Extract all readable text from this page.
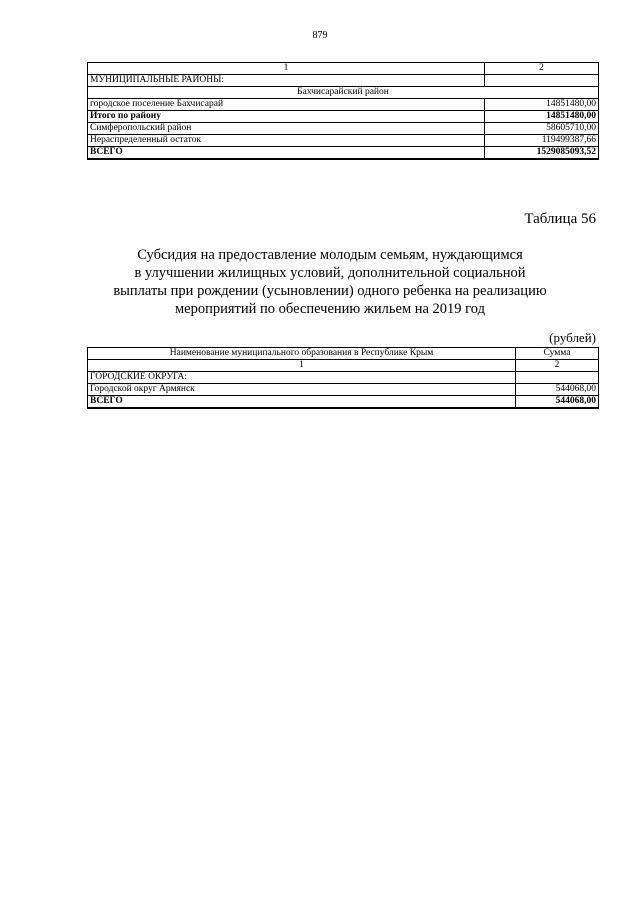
879
1	2
МУНИЦИПАЛЬНЫЕ РАЙОНЫ:	
Бахчисарайский район	
городское поселение Бахчисарай	14851480,00
Итого по району	14851480,00
Симферопольский район	58605710,00
Нераспределенный остаток	119499387,66
ВСЕГО	1529085093,52
Таблица 56
Субсидия на предоставление молодым семьям, нуждающимся
в улучшении жилищных условий, дополнительной социальной
выплаты при рождении (усыновлении) одного ребенка на реализацию
мероприятий по обеспечению жильем на 2019 год
(рублей)
Наименование муниципального образования в Республике Крым	Сумма
1	2
ГОРОДСКИЕ ОКРУГА:	
Городской округ Армянск	544068,00
ВСЕГО	544068,00
